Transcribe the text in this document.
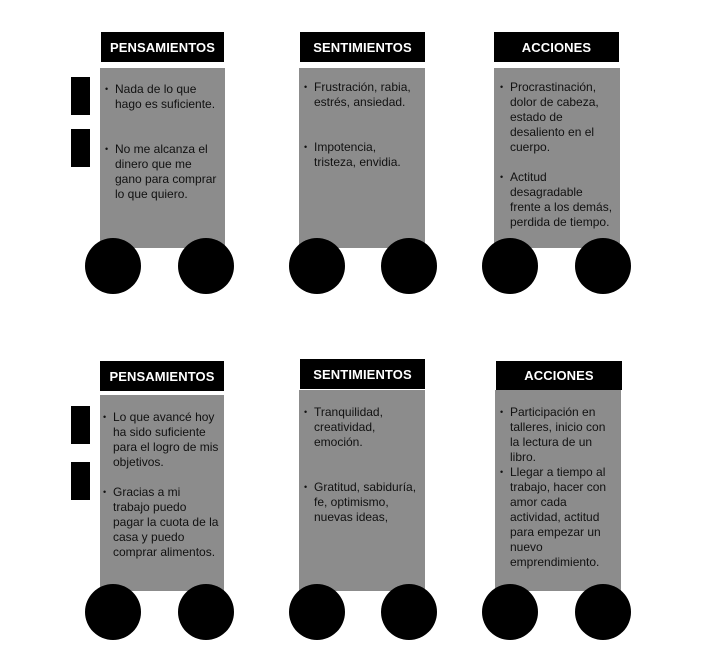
• Nada de lo que hago es suficiente.
• No me alcanza el dinero que me gano para comprar lo que quiero.
PENSAMIENTOS
• Frustración, rabia, estrés, ansiedad.
• Impotencia, tristeza, envidia.
SENTIMIENTOS
• Procrastinación, dolor de cabeza, estado de desaliento en el cuerpo.
• Actitud desagradable frente a los demás, perdida de tiempo.
ACCIONES
• Lo que avancé hoy ha sido suficiente para el logro de mis objetivos.
• Gracias a mi trabajo puedo pagar la cuota de la casa y puedo comprar alimentos.
PENSAMIENTOS
• Tranquilidad, creatividad, emoción.
• Gratitud, sabiduría, fe, optimismo, nuevas ideas,
SENTIMIENTOS
• Participación en talleres, inicio con la lectura de un libro.
• Llegar a tiempo al trabajo, hacer con amor cada actividad, actitud para empezar un nuevo emprendimiento.
ACCIONES
